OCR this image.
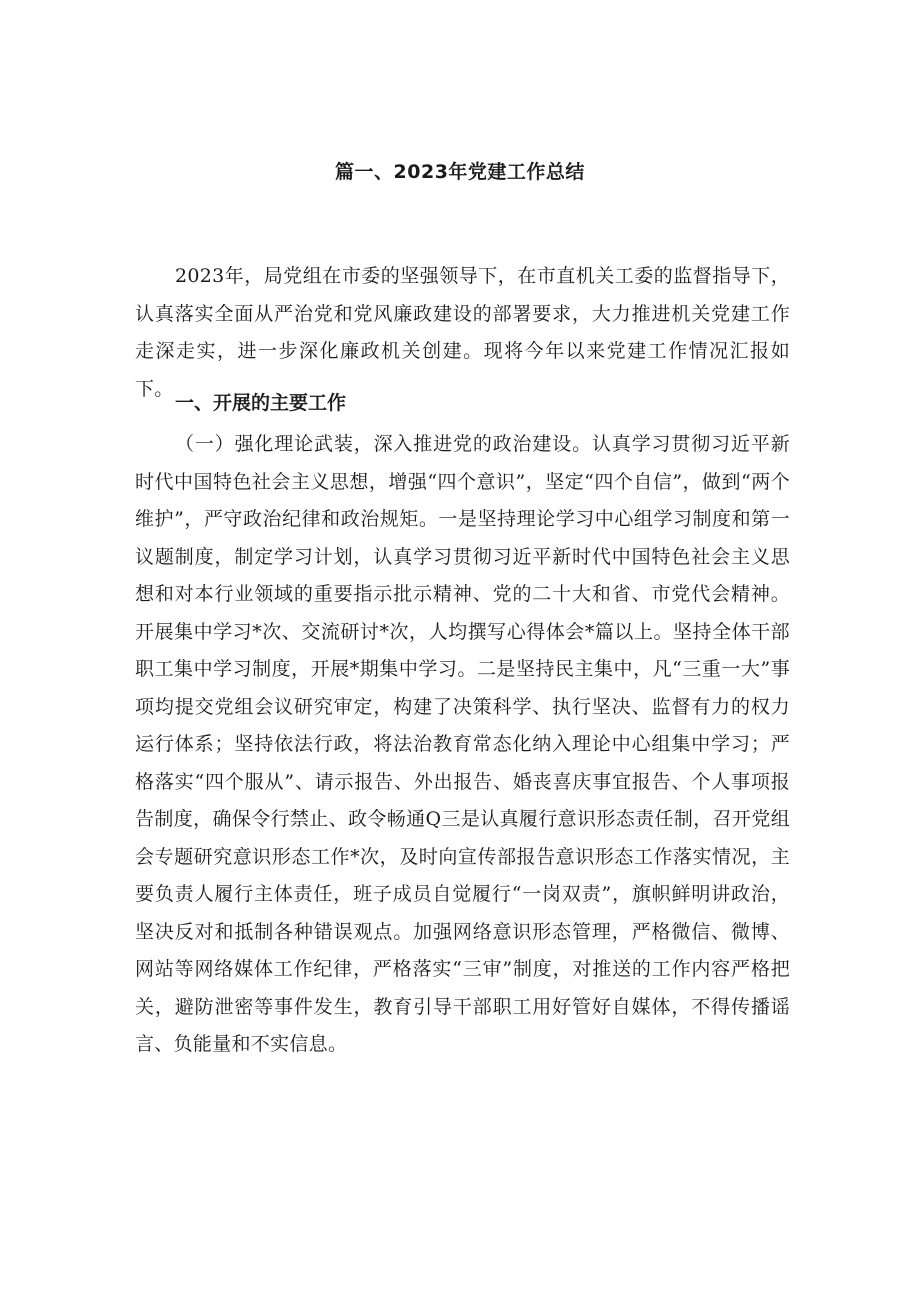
篇一、2023年党建工作总结

2023年，局党组在市委的坚强领导下，在市直机关工委的监督指导下，认真落实全面从严治党和党风廉政建设的部署要求，大力推进机关党建工作走深走实，进一步深化廉政机关创建。现将今年以来党建工作情况汇报如下。

一、开展的主要工作

（一）强化理论武装，深入推进党的政治建设。认真学习贯彻习近平新时代中国特色社会主义思想，增强“四个意识”，坚定“四个自信”，做到“两个维护”，严守政治纪律和政治规矩。一是坚持理论学习中心组学习制度和第一议题制度，制定学习计划，认真学习贯彻习近平新时代中国特色社会主义思想和对本行业领域的重要指示批示精神、党的二十大和省、市党代会精神。开展集中学习*次、交流研讨*次，人均撰写心得体会*篇以上。坚持全体干部职工集中学习制度，开展*期集中学习。二是坚持民主集中，凡“三重一大”事项均提交党组会议研究审定，构建了决策科学、执行坚决、监督有力的权力运行体系；坚持依法行政，将法治教育常态化纳入理论中心组集中学习；严格落实“四个服从”、请示报告、外出报告、婚丧喜庆事宜报告、个人事项报告制度，确保令行禁止、政令畅通Q三是认真履行意识形态责任制，召开党组会专题研究意识形态工作*次，及时向宣传部报告意识形态工作落实情况，主要负责人履行主体责任，班子成员自觉履行“一岗双责”，旗帜鲜明讲政治，坚决反对和抵制各种错误观点。加强网络意识形态管理，严格微信、微博、网站等网络媒体工作纪律，严格落实“三审”制度，对推送的工作内容严格把关，避防泄密等事件发生，教育引导干部职工用好管好自媒体，不得传播谣言、负能量和不实信息。
